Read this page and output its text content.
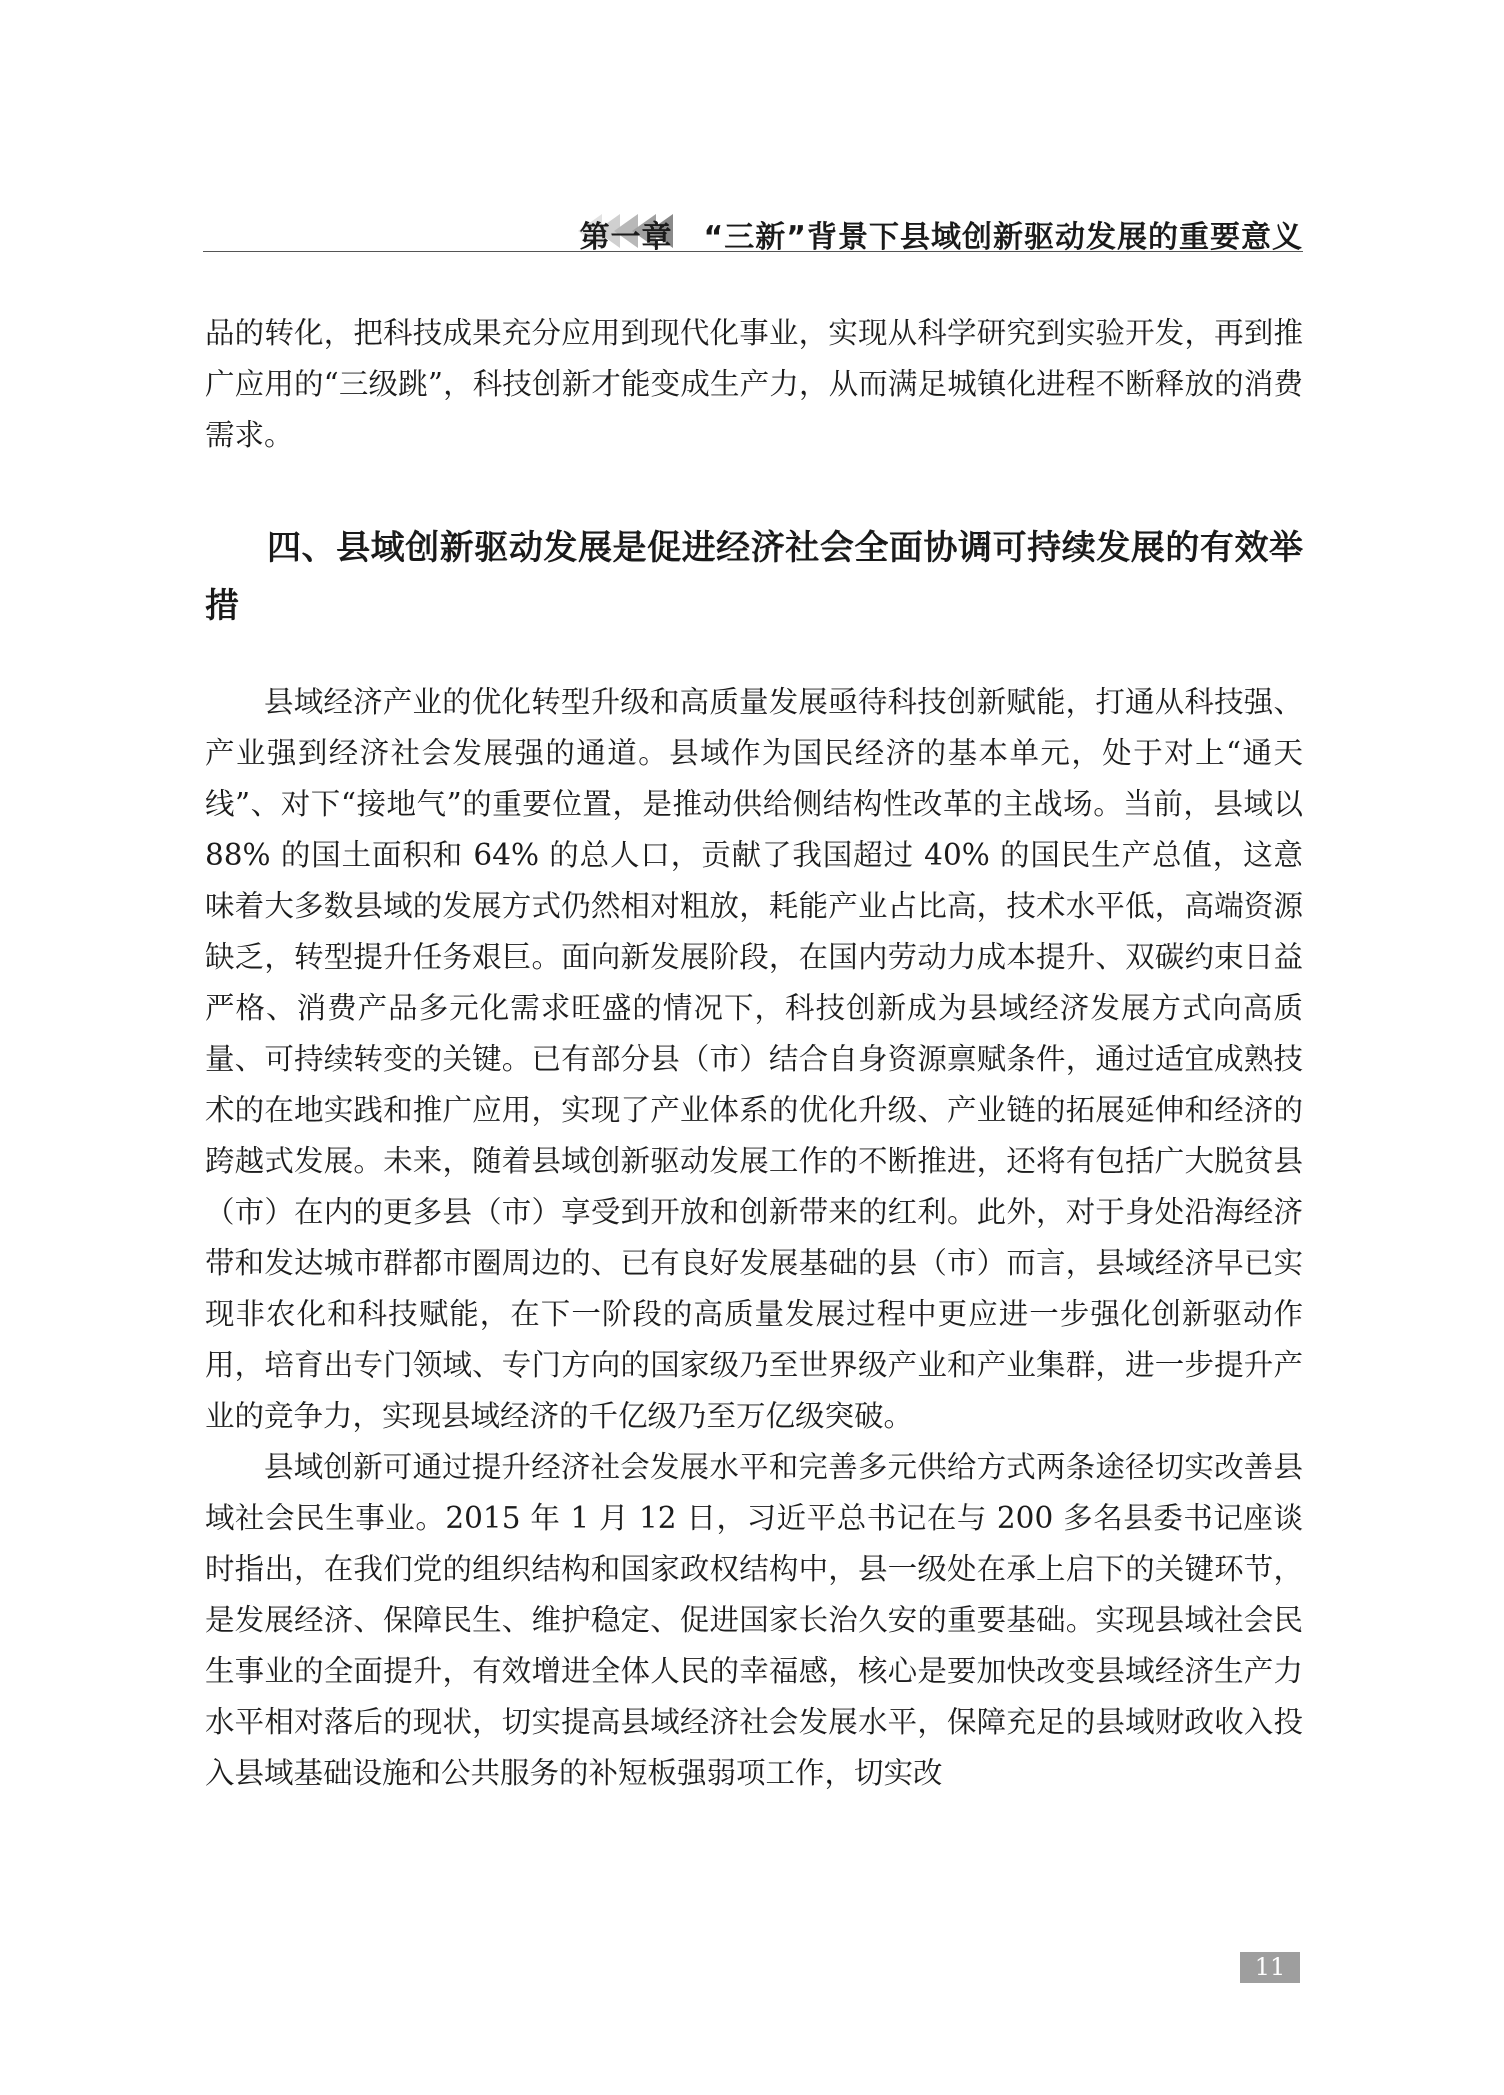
第一章　“三新”背景下县域创新驱动发展的重要意义

品的转化，把科技成果充分应用到现代化事业，实现从科学研究到实验开发，再到推广应用的“三级跳”，科技创新才能变成生产力，从而满足城镇化进程不断释放的消费需求。

四、县域创新驱动发展是促进经济社会全面协调可持续发展的有效举措

县域经济产业的优化转型升级和高质量发展亟待科技创新赋能，打通从科技强、产业强到经济社会发展强的通道。县域作为国民经济的基本单元，处于对上“通天线”、对下“接地气”的重要位置，是推动供给侧结构性改革的主战场。当前，县域以 88% 的国土面积和 64% 的总人口，贡献了我国超过 40% 的国民生产总值，这意味着大多数县域的发展方式仍然相对粗放，耗能产业占比高，技术水平低，高端资源缺乏，转型提升任务艰巨。面向新发展阶段，在国内劳动力成本提升、双碳约束日益严格、消费产品多元化需求旺盛的情况下，科技创新成为县域经济发展方式向高质量、可持续转变的关键。已有部分县（市）结合自身资源禀赋条件，通过适宜成熟技术的在地实践和推广应用，实现了产业体系的优化升级、产业链的拓展延伸和经济的跨越式发展。未来，随着县域创新驱动发展工作的不断推进，还将有包括广大脱贫县（市）在内的更多县（市）享受到开放和创新带来的红利。此外，对于身处沿海经济带和发达城市群都市圈周边的、已有良好发展基础的县（市）而言，县域经济早已实现非农化和科技赋能，在下一阶段的高质量发展过程中更应进一步强化创新驱动作用，培育出专门领域、专门方向的国家级乃至世界级产业和产业集群，进一步提升产业的竞争力，实现县域经济的千亿级乃至万亿级突破。

县域创新可通过提升经济社会发展水平和完善多元供给方式两条途径切实改善县域社会民生事业。2015 年 1 月 12 日，习近平总书记在与 200 多名县委书记座谈时指出，在我们党的组织结构和国家政权结构中，县一级处在承上启下的关键环节，是发展经济、保障民生、维护稳定、促进国家长治久安的重要基础。实现县域社会民生事业的全面提升，有效增进全体人民的幸福感，核心是要加快改变县域经济生产力水平相对落后的现状，切实提高县域经济社会发展水平，保障充足的县域财政收入投入县域基础设施和公共服务的补短板强弱项工作，切实改

11
